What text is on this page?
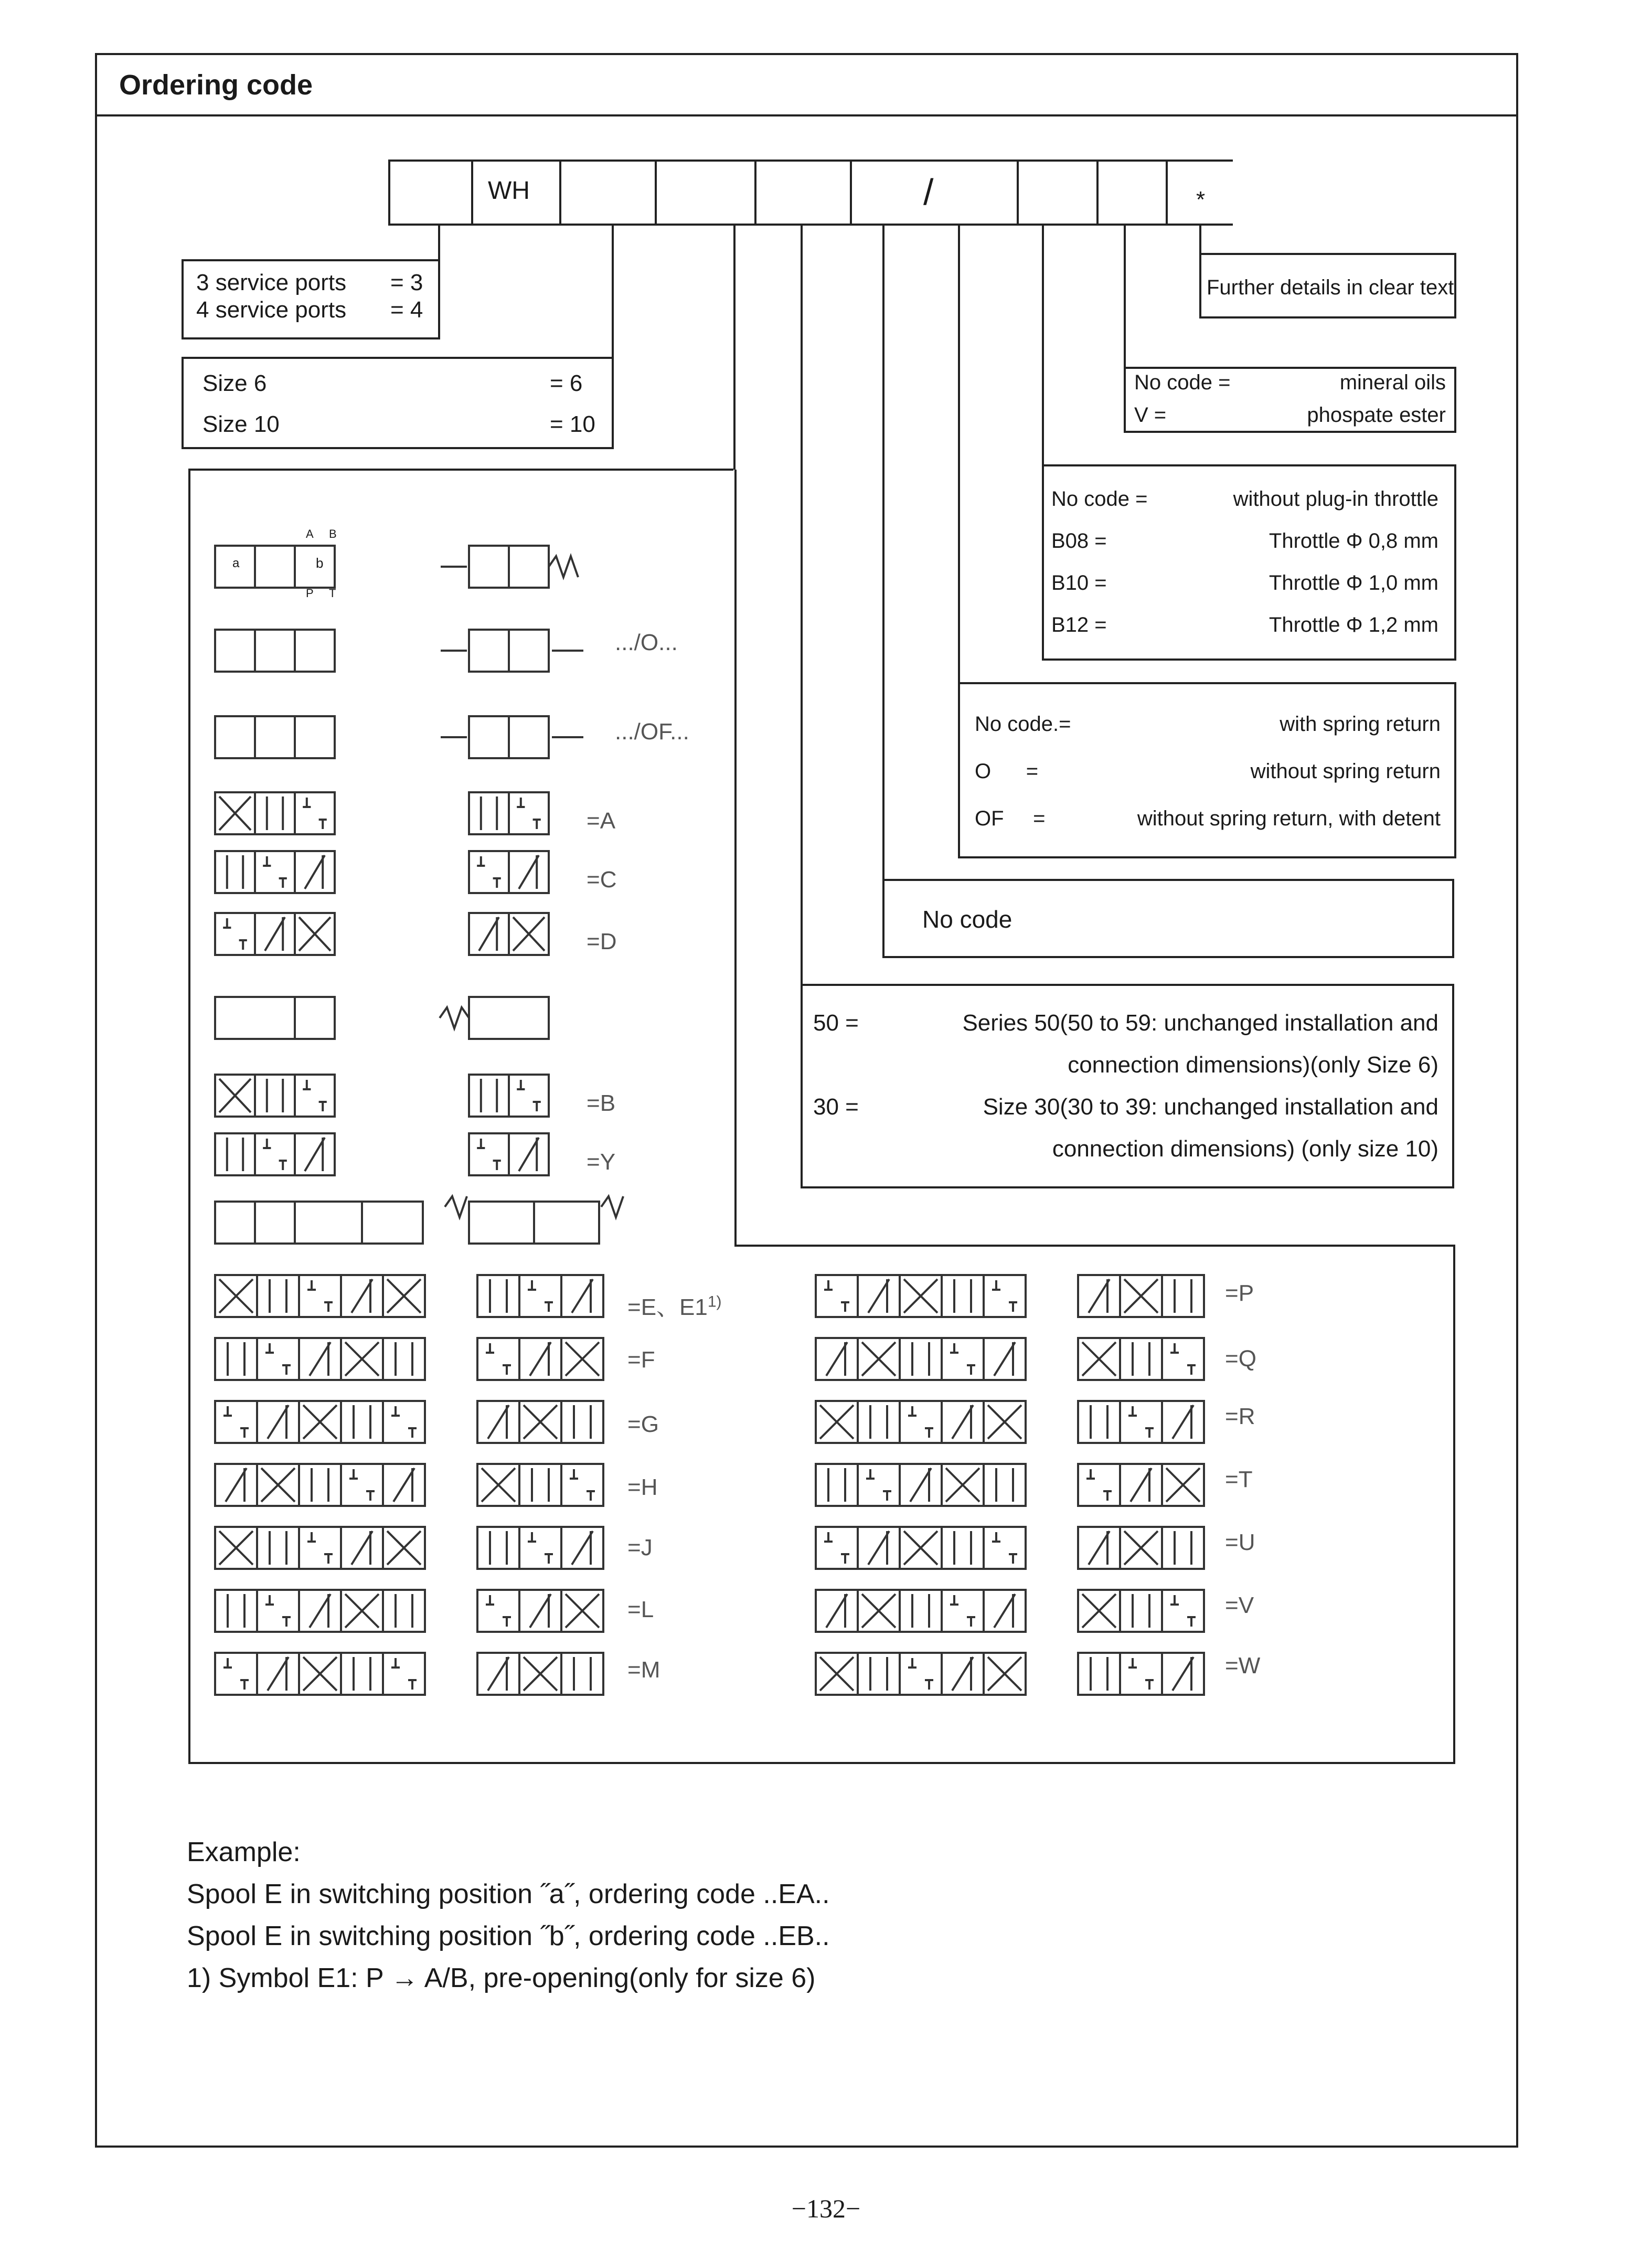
Ordering code
WH	/	*
3 service ports = 3
4 service ports = 4
Size 6	= 6
Size 10	= 10
Further details in clear text
No code =	mineral oils
V =	phospate ester
No code =	without plug-in throttle
B08 =	Throttle Φ 0,8 mm
B10 =	Throttle Φ 1,0 mm
B12 =	Throttle Φ 1,2 mm
No code.=	with spring return
O      =	without spring return
OF     =	without spring return, with detent
No code
50 =	Series 50(50 to 59: unchanged installation and
connection dimensions)(only Size 6)
30 =	Size 30(30 to 39: unchanged installation and
connection dimensions) (only size 10)
A B
P T
a	b
.../O...
.../OF...
=A
=C
=D
=B
=Y
=E、$E1^{1)}$
=F
=G
=H
=J
=L
=M
=P
=Q
=R
=T
=U
=V
=W
Example:
Spool E in switching position ˝a˝, ordering code ..EA..
Spool E in switching position ˝b˝, ordering code ..EB..
1) Symbol E1: P → A/B, pre-opening(only for size 6)
−132−
